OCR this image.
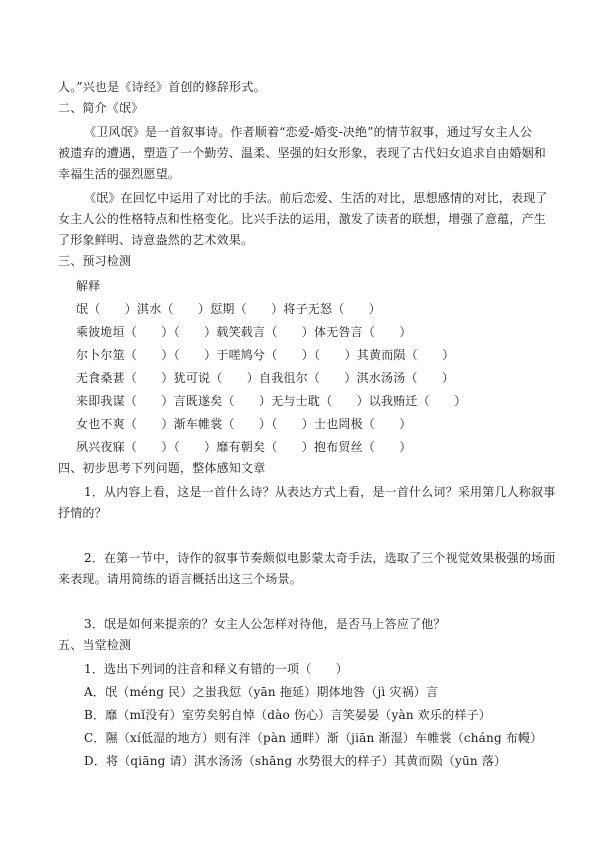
人。”兴也是《诗经》首创的修辞形式。
二、简介《氓》
《卫风氓》是一首叙事诗。作者顺着“恋爱-婚变-决绝”的情节叙事，通过写女主人公
被遗弃的遭遇，塑造了一个勤劳、温柔、坚强的妇女形象，表现了古代妇女追求自由婚姻和
幸福生活的强烈愿望。
《氓》在回忆中运用了对比的手法。前后恋爱、生活的对比，思想感情的对比，表现了
女主人公的性格特点和性格变化。比兴手法的运用，激发了读者的联想，增强了意蕴，产生
了形象鲜明、诗意盎然的艺术效果。
三、预习检测
解释
氓（　　）淇水（　　）愆期（　　）将子无怒（　　）
乘彼垝垣（　　）（　　）载笑载言（　　）体无咎言（　　）
尔卜尔筮（　　）（　　）于嗟鸠兮（　　）（　　）其黄而陨（　　）
无食桑葚（　　）犹可说（　　）自我徂尔（　　）淇水汤汤（　　）
来即我谋（　　）言既遂矣（　　）无与士耽（　　）以我贿迁（　　）
女也不爽（　　）渐车帷裳（　　）（　　）士也罔极（　　）
夙兴夜寐（　　）（　　）靡有朝矣（　　）抱布贸丝（　　）
四、初步思考下列问题，整体感知文章
1．从内容上看，这是一首什么诗？从表达方式上看，是一首什么词？采用第几人称叙事
抒情的？
2．在第一节中，诗作的叙事节奏颇似电影蒙太奇手法，选取了三个视觉效果极强的场面
来表现。请用简练的语言概括出这三个场景。
3．氓是如何来提亲的？女主人公怎样对待他，是否马上答应了他？
五、当堂检测
1．选出下列词的注音和释义有错的一项（　　）
A．氓（méng 民）之蚩我愆（yān 拖延）期体地咎（jì 灾祸）言
B．靡（mǐ没有）室劳矣躬自悼（dào 伤心）言笑晏晏（yàn 欢乐的样子）
C．隰（xí低湿的地方）则有泮（pàn 通畔）渐（jiān 渐湿）车帷裳（cháng 布幔）
D．将（qiāng 请）淇水汤汤（shāng 水势很大的样子）其黄而陨（yūn 落）
